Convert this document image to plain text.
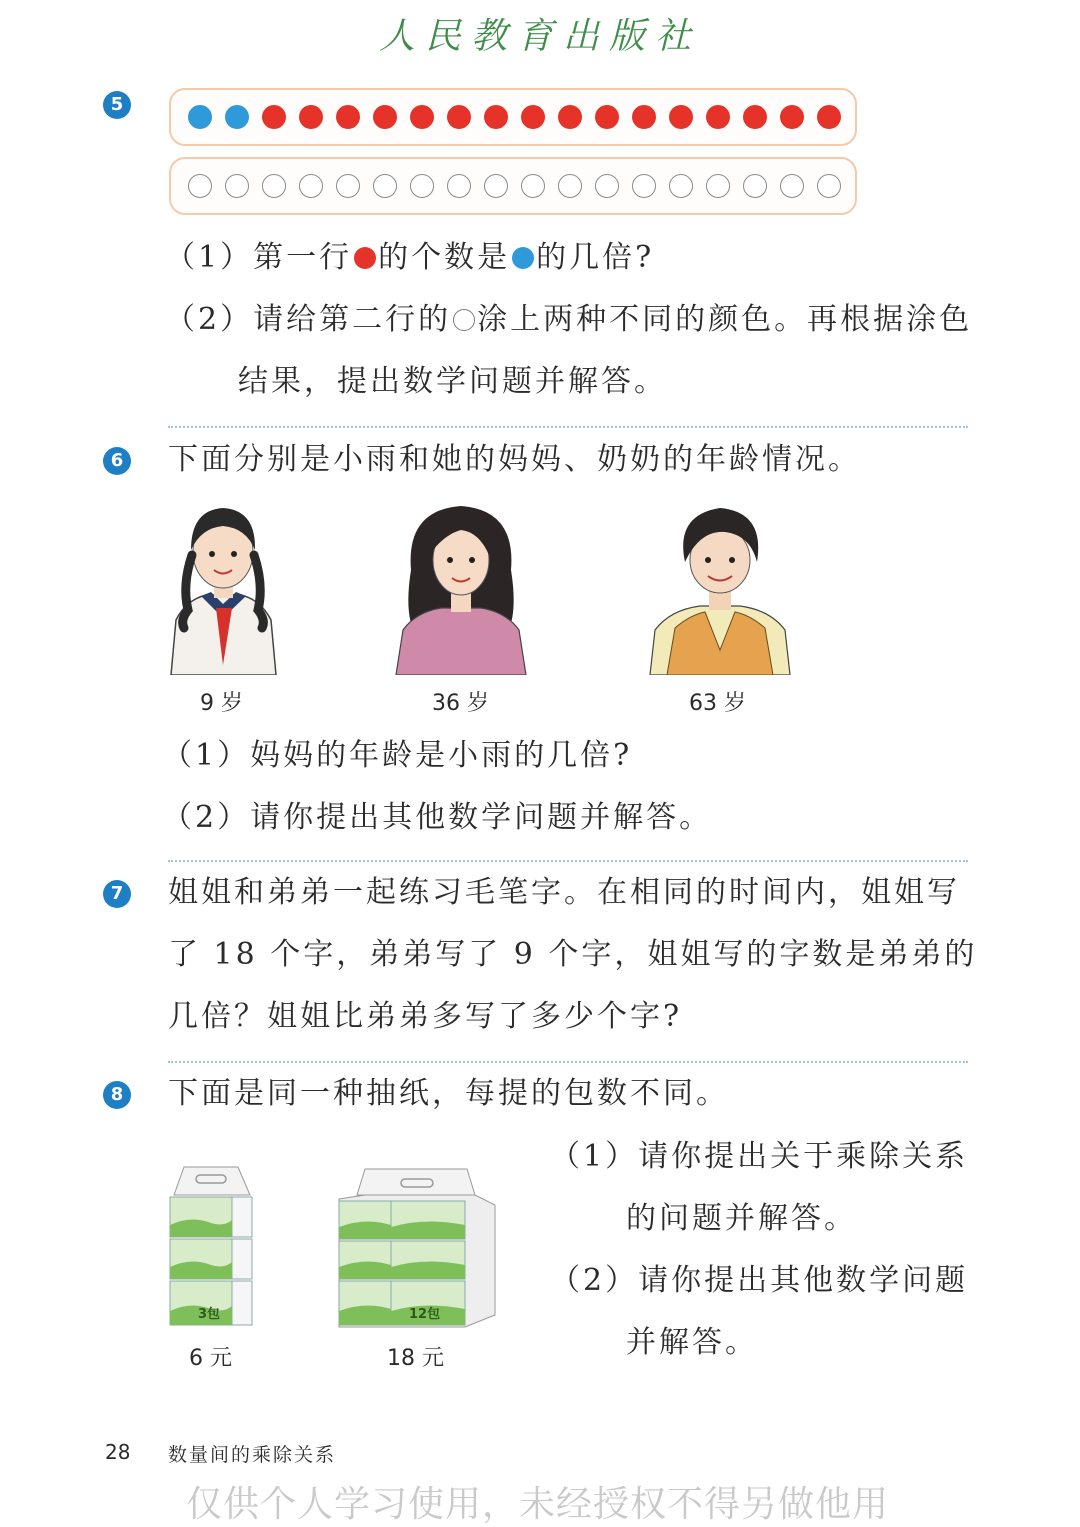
人民教育出版社
5
（1）第一行 的个数是 的几倍?
（2）请给第二行的 涂上两种不同的颜色。再根据涂色
结果，提出数学问题并解答。
6 下面分别是小雨和她的妈妈、奶奶的年龄情况。
9 岁	36 岁	63 岁
（1）妈妈的年龄是小雨的几倍?
（2）请你提出其他数学问题并解答。
7 姐姐和弟弟一起练习毛笔字。在相同的时间内，姐姐写
了 18 个字，弟弟写了 9 个字，姐姐写的字数是弟弟的
几倍？姐姐比弟弟多写了多少个字?
8 下面是同一种抽纸，每提的包数不同。
3包
6 元
12包
18 元
（1）请你提出关于乘除关系
的问题并解答。
（2）请你提出其他数学问题
并解答。
28 数量间的乘除关系
仅供个人学习使用，未经授权不得另做他用
